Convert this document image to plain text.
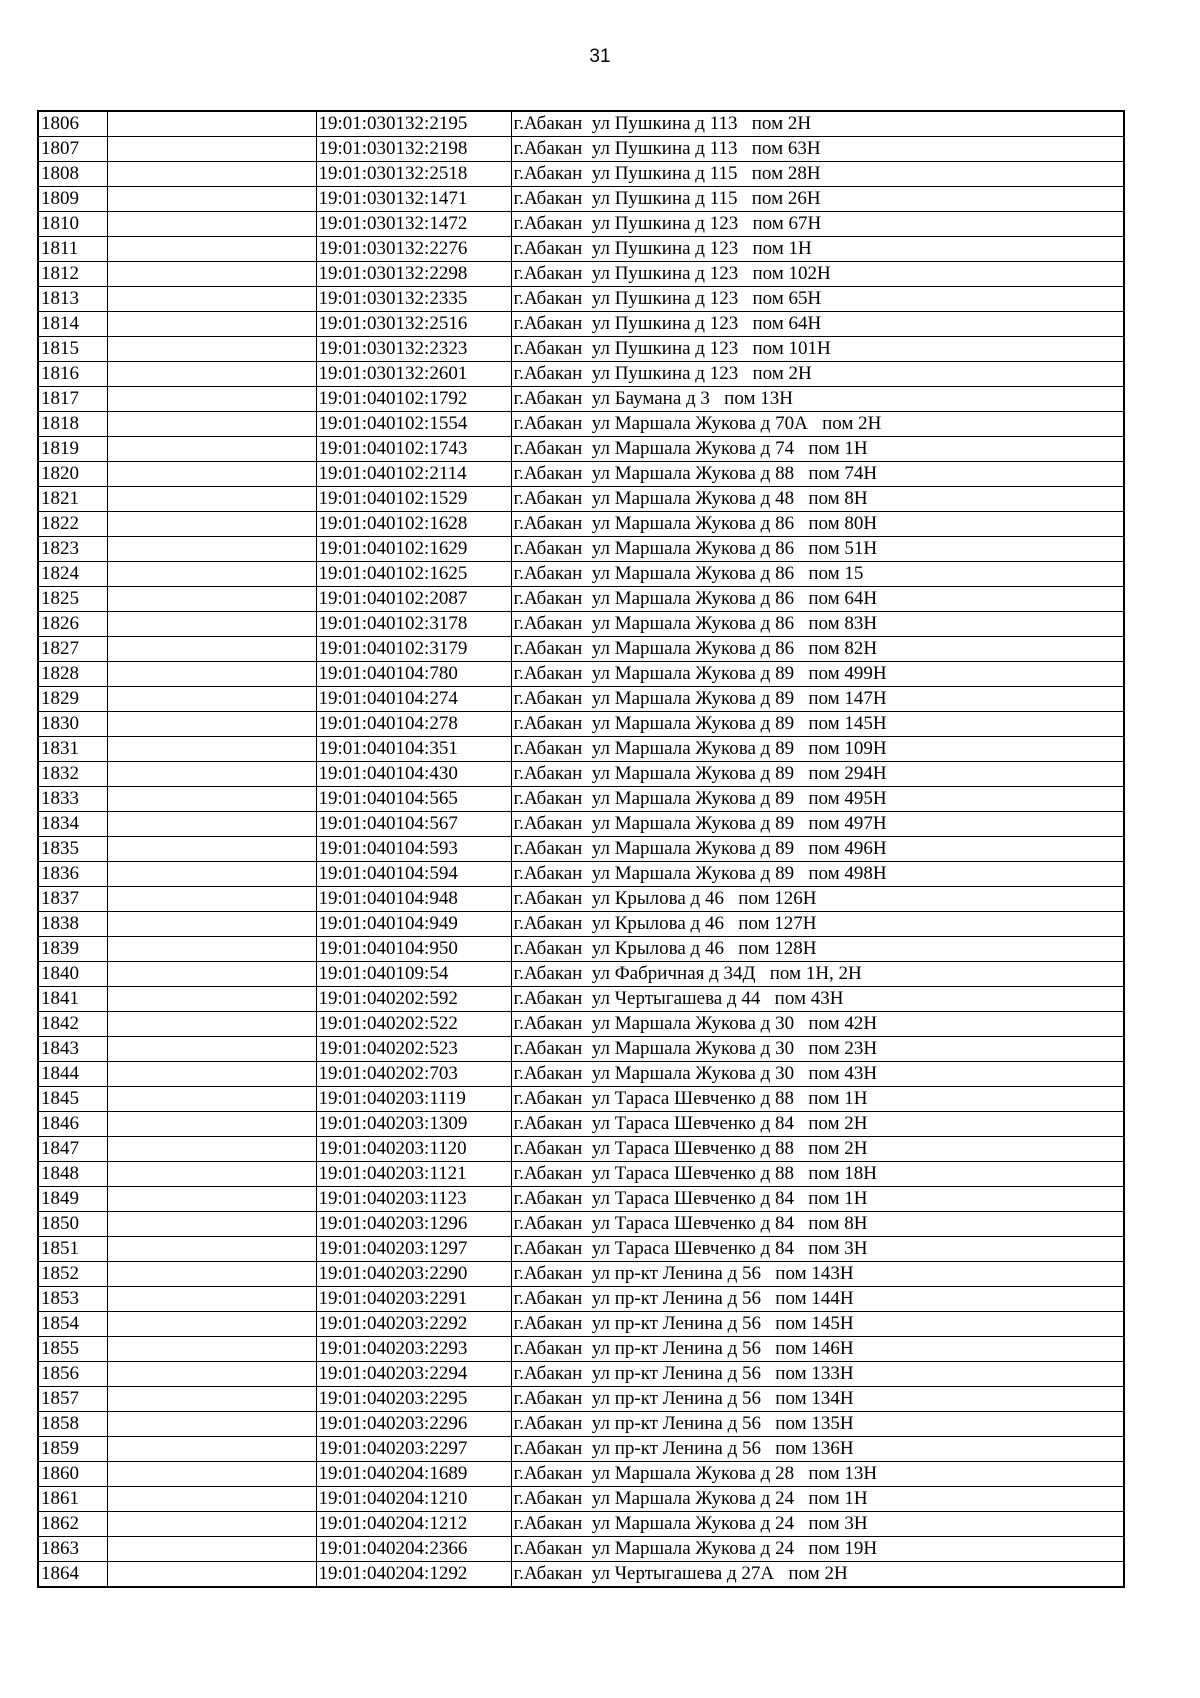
31
1806		19:01:030132:2195	г.Абакан  ул Пушкина д 113   пом 2Н
1807		19:01:030132:2198	г.Абакан  ул Пушкина д 113   пом 63Н
1808		19:01:030132:2518	г.Абакан  ул Пушкина д 115   пом 28Н
1809		19:01:030132:1471	г.Абакан  ул Пушкина д 115   пом 26Н
1810		19:01:030132:1472	г.Абакан  ул Пушкина д 123   пом 67Н
1811		19:01:030132:2276	г.Абакан  ул Пушкина д 123   пом 1Н
1812		19:01:030132:2298	г.Абакан  ул Пушкина д 123   пом 102Н
1813		19:01:030132:2335	г.Абакан  ул Пушкина д 123   пом 65Н
1814		19:01:030132:2516	г.Абакан  ул Пушкина д 123   пом 64Н
1815		19:01:030132:2323	г.Абакан  ул Пушкина д 123   пом 101Н
1816		19:01:030132:2601	г.Абакан  ул Пушкина д 123   пом 2Н
1817		19:01:040102:1792	г.Абакан  ул Баумана д 3   пом 13Н
1818		19:01:040102:1554	г.Абакан  ул Маршала Жукова д 70А   пом 2Н
1819		19:01:040102:1743	г.Абакан  ул Маршала Жукова д 74   пом 1Н
1820		19:01:040102:2114	г.Абакан  ул Маршала Жукова д 88   пом 74Н
1821		19:01:040102:1529	г.Абакан  ул Маршала Жукова д 48   пом 8Н
1822		19:01:040102:1628	г.Абакан  ул Маршала Жукова д 86   пом 80Н
1823		19:01:040102:1629	г.Абакан  ул Маршала Жукова д 86   пом 51Н
1824		19:01:040102:1625	г.Абакан  ул Маршала Жукова д 86   пом 15
1825		19:01:040102:2087	г.Абакан  ул Маршала Жукова д 86   пом 64Н
1826		19:01:040102:3178	г.Абакан  ул Маршала Жукова д 86   пом 83Н
1827		19:01:040102:3179	г.Абакан  ул Маршала Жукова д 86   пом 82Н
1828		19:01:040104:780	г.Абакан  ул Маршала Жукова д 89   пом 499Н
1829		19:01:040104:274	г.Абакан  ул Маршала Жукова д 89   пом 147Н
1830		19:01:040104:278	г.Абакан  ул Маршала Жукова д 89   пом 145Н
1831		19:01:040104:351	г.Абакан  ул Маршала Жукова д 89   пом 109Н
1832		19:01:040104:430	г.Абакан  ул Маршала Жукова д 89   пом 294Н
1833		19:01:040104:565	г.Абакан  ул Маршала Жукова д 89   пом 495Н
1834		19:01:040104:567	г.Абакан  ул Маршала Жукова д 89   пом 497Н
1835		19:01:040104:593	г.Абакан  ул Маршала Жукова д 89   пом 496Н
1836		19:01:040104:594	г.Абакан  ул Маршала Жукова д 89   пом 498Н
1837		19:01:040104:948	г.Абакан  ул Крылова д 46   пом 126Н
1838		19:01:040104:949	г.Абакан  ул Крылова д 46   пом 127Н
1839		19:01:040104:950	г.Абакан  ул Крылова д 46   пом 128Н
1840		19:01:040109:54	г.Абакан  ул Фабричная д 34Д   пом 1Н, 2Н
1841		19:01:040202:592	г.Абакан  ул Чертыгашева д 44   пом 43Н
1842		19:01:040202:522	г.Абакан  ул Маршала Жукова д 30   пом 42Н
1843		19:01:040202:523	г.Абакан  ул Маршала Жукова д 30   пом 23Н
1844		19:01:040202:703	г.Абакан  ул Маршала Жукова д 30   пом 43Н
1845		19:01:040203:1119	г.Абакан  ул Тараса Шевченко д 88   пом 1Н
1846		19:01:040203:1309	г.Абакан  ул Тараса Шевченко д 84   пом 2Н
1847		19:01:040203:1120	г.Абакан  ул Тараса Шевченко д 88   пом 2Н
1848		19:01:040203:1121	г.Абакан  ул Тараса Шевченко д 88   пом 18Н
1849		19:01:040203:1123	г.Абакан  ул Тараса Шевченко д 84   пом 1Н
1850		19:01:040203:1296	г.Абакан  ул Тараса Шевченко д 84   пом 8Н
1851		19:01:040203:1297	г.Абакан  ул Тараса Шевченко д 84   пом 3Н
1852		19:01:040203:2290	г.Абакан  ул пр-кт Ленина д 56   пом 143Н
1853		19:01:040203:2291	г.Абакан  ул пр-кт Ленина д 56   пом 144Н
1854		19:01:040203:2292	г.Абакан  ул пр-кт Ленина д 56   пом 145Н
1855		19:01:040203:2293	г.Абакан  ул пр-кт Ленина д 56   пом 146Н
1856		19:01:040203:2294	г.Абакан  ул пр-кт Ленина д 56   пом 133Н
1857		19:01:040203:2295	г.Абакан  ул пр-кт Ленина д 56   пом 134Н
1858		19:01:040203:2296	г.Абакан  ул пр-кт Ленина д 56   пом 135Н
1859		19:01:040203:2297	г.Абакан  ул пр-кт Ленина д 56   пом 136Н
1860		19:01:040204:1689	г.Абакан  ул Маршала Жукова д 28   пом 13Н
1861		19:01:040204:1210	г.Абакан  ул Маршала Жукова д 24   пом 1Н
1862		19:01:040204:1212	г.Абакан  ул Маршала Жукова д 24   пом 3Н
1863		19:01:040204:2366	г.Абакан  ул Маршала Жукова д 24   пом 19Н
1864		19:01:040204:1292	г.Абакан  ул Чертыгашева д 27А   пом 2Н
